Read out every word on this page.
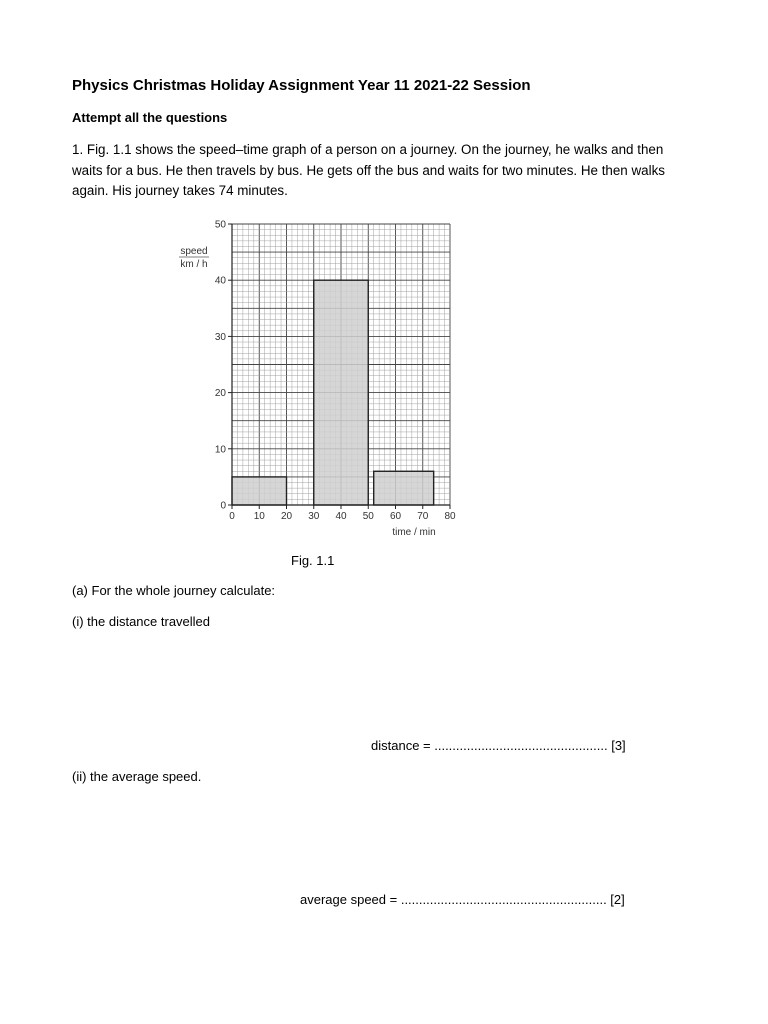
Physics Christmas Holiday Assignment Year 11 2021-22 Session
Attempt all the questions
1. Fig. 1.1 shows the speed–time graph of a person on a journey. On the journey, he walks and then waits for a bus. He then travels by bus. He gets off the bus and waits for two minutes. He then walks again. His journey takes 74 minutes.
0 10 20 30 40 50 60 70 80
0
10
20
30
40
50
speed
km / h
time / min
Fig. 1.1
(a) For the whole journey calculate:
(i) the distance travelled
distance = ................................................ [3]
(ii) the average speed.
average speed = ......................................................... [2]
